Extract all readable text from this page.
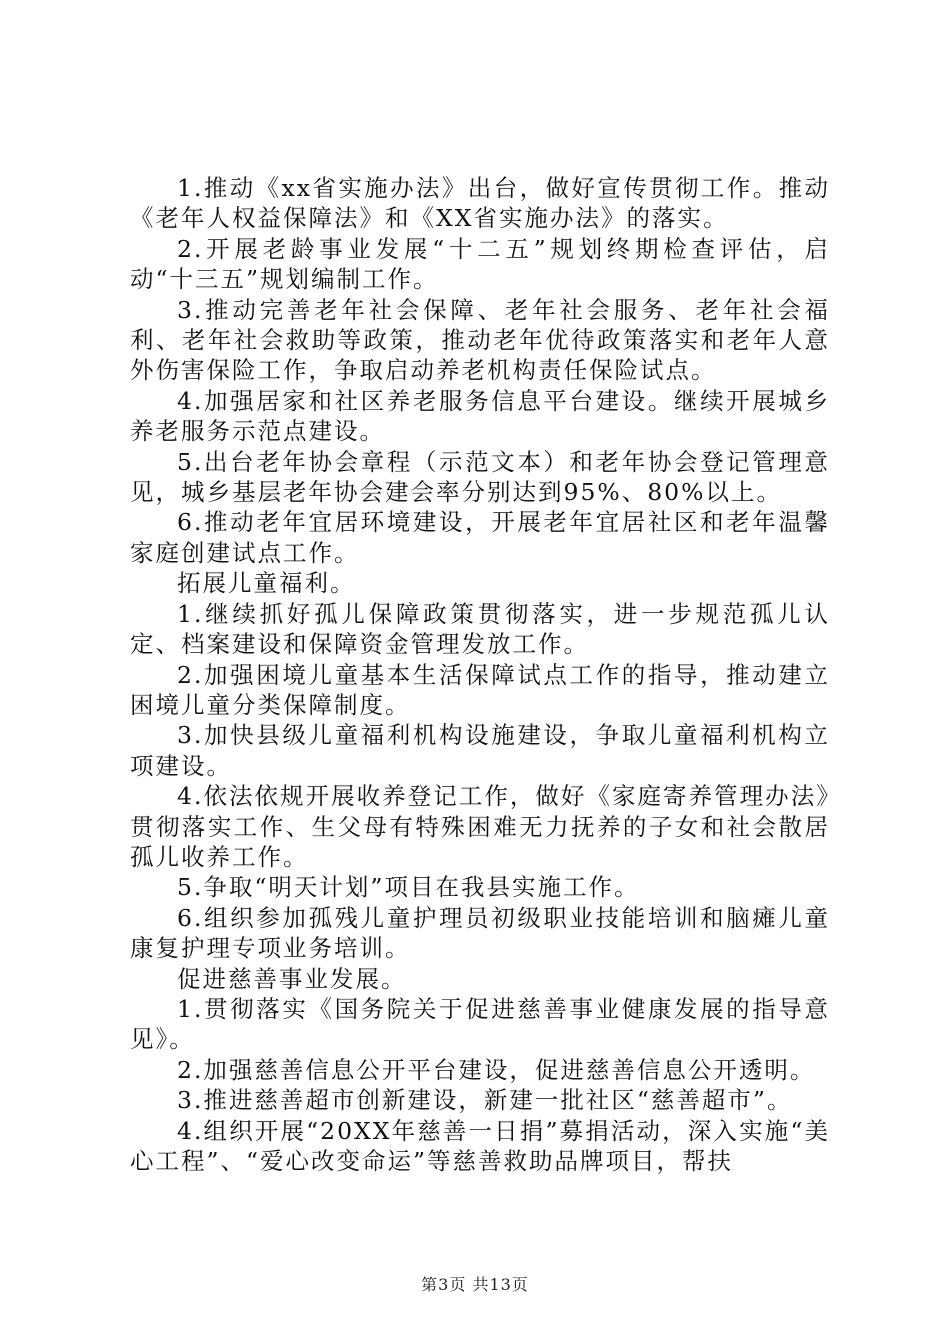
1.推动《xx省实施办法》出台，做好宣传贯彻工作。推动《老年人权益保障法》和《XX省实施办法》的落实。

2.开展老龄事业发展“十二五”规划终期检查评估，启动“十三五”规划编制工作。

3.推动完善老年社会保障、老年社会服务、老年社会福利、老年社会救助等政策，推动老年优待政策落实和老年人意外伤害保险工作，争取启动养老机构责任保险试点。

4.加强居家和社区养老服务信息平台建设。继续开展城乡养老服务示范点建设。

5.出台老年协会章程（示范文本）和老年协会登记管理意见，城乡基层老年协会建会率分别达到95%、80%以上。

6.推动老年宜居环境建设，开展老年宜居社区和老年温馨家庭创建试点工作。

拓展儿童福利。

1.继续抓好孤儿保障政策贯彻落实，进一步规范孤儿认定、档案建设和保障资金管理发放工作。

2.加强困境儿童基本生活保障试点工作的指导，推动建立困境儿童分类保障制度。

3.加快县级儿童福利机构设施建设，争取儿童福利机构立项建设。

4.依法依规开展收养登记工作，做好《家庭寄养管理办法》贯彻落实工作、生父母有特殊困难无力抚养的子女和社会散居孤儿收养工作。

5.争取“明天计划”项目在我县实施工作。

6.组织参加孤残儿童护理员初级职业技能培训和脑瘫儿童康复护理专项业务培训。

促进慈善事业发展。

1.贯彻落实《国务院关于促进慈善事业健康发展的指导意见》。

2.加强慈善信息公开平台建设，促进慈善信息公开透明。

3.推进慈善超市创新建设，新建一批社区“慈善超市”。

4.组织开展“20XX年慈善一日捐”募捐活动，深入实施“美心工程”、“爱心改变命运”等慈善救助品牌项目，帮扶

第3页 共13页
